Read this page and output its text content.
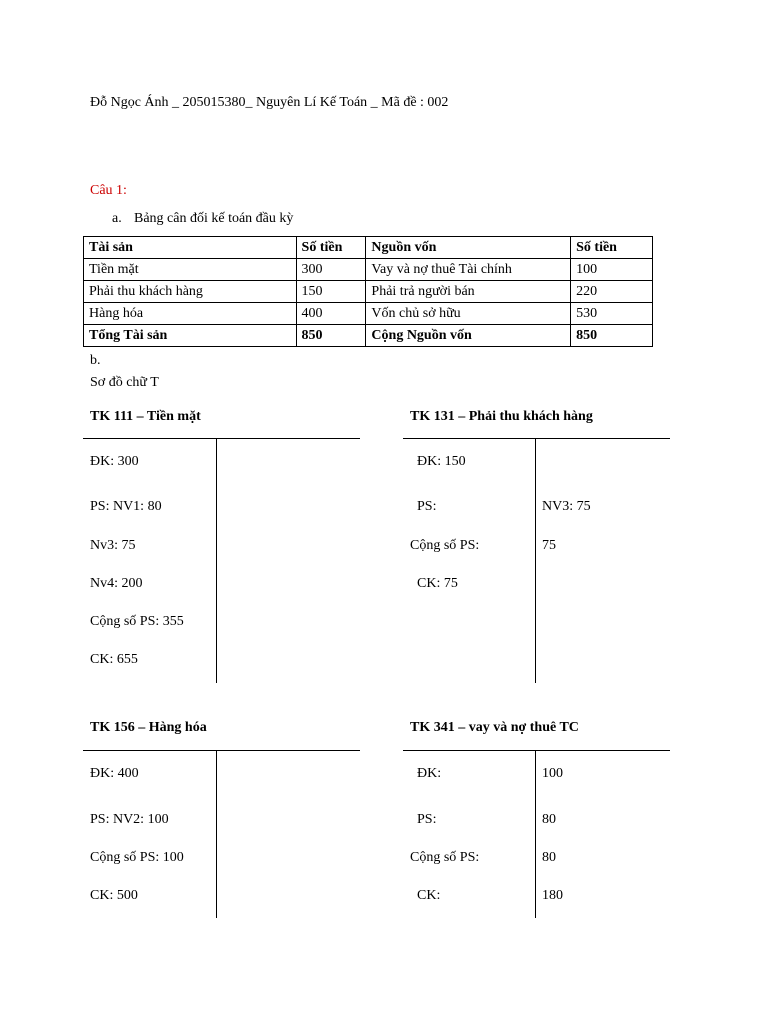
Đỗ Ngọc Ánh _ 205015380_ Nguyên Lí Kế Toán _ Mã đề : 002
Câu 1:
a. Bảng cân đối kế toán đầu kỳ
Tài sản	Số tiền	Nguồn vốn	Số tiền
Tiền mặt	300	Vay và nợ thuê Tài chính	100
Phải thu khách hàng	150	Phải trả người bán	220
Hàng hóa	400	Vốn chủ sở hữu	530
Tổng Tài sản	850	Cộng Nguồn vốn	850
b.
Sơ đồ chữ T
TK 111 – Tiền mặt
ĐK: 300
PS: NV1: 80
Nv3: 75
Nv4: 200
Cộng số PS: 355
CK: 655
TK 131 – Phải thu khách hàng
ĐK: 150
PS:	NV3: 75
Cộng số PS:	75
CK: 75
TK 156 – Hàng hóa
ĐK: 400
PS: NV2: 100
Cộng số PS: 100
CK: 500
TK 341 – vay và nợ thuê TC
ĐK:	100
PS:	80
Cộng số PS:	80
CK:	180
